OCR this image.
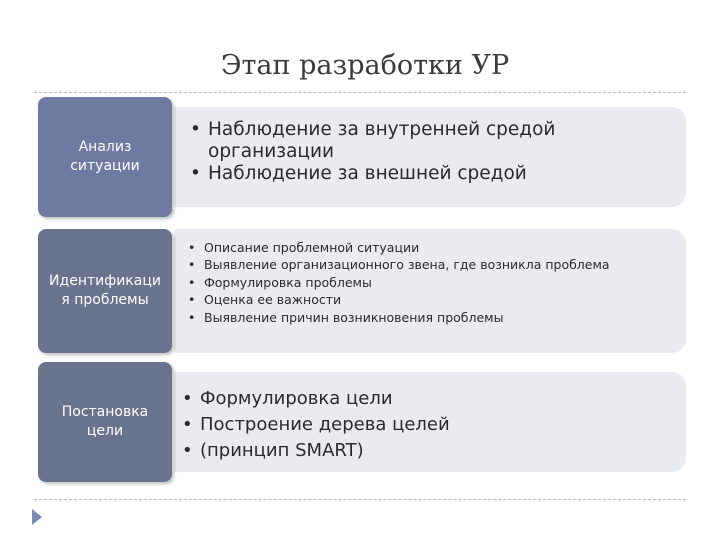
Этап разработки УР
• Наблюдение за внутренней средой организации
• Наблюдение за внешней средой
Анализ ситуации
• Описание проблемной ситуации
• Выявление организационного звена, где возникла проблема
• Формулировка проблемы
• Оценка ее важности
• Выявление причин возникновения проблемы
Идентификаци я проблемы
• Формулировка цели
• Построение дерева целей
• (принцип SMART)
Постановка цели
